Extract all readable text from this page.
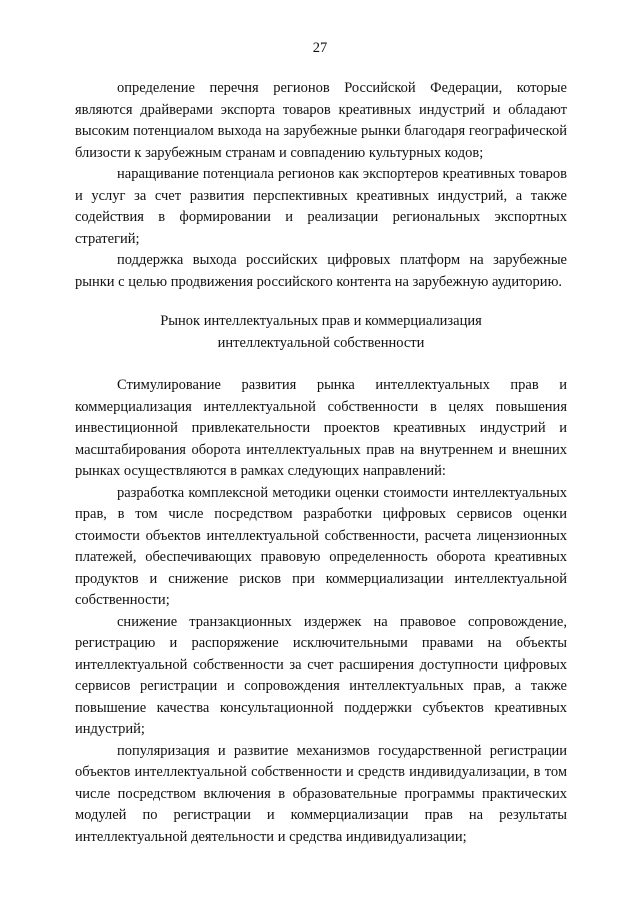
27

определение перечня регионов Российской Федерации, которые являются драйверами экспорта товаров креативных индустрий и обладают высоким потенциалом выхода на зарубежные рынки благодаря географической близости к зарубежным странам и совпадению культурных кодов;

наращивание потенциала регионов как экспортеров креативных товаров и услуг за счет развития перспективных креативных индустрий, а также содействия в формировании и реализации региональных экспортных стратегий;

поддержка выхода российских цифровых платформ на зарубежные рынки с целью продвижения российского контента на зарубежную аудиторию.

Рынок интеллектуальных прав и коммерциализация
интеллектуальной собственности

Стимулирование развития рынка интеллектуальных прав и коммерциализация интеллектуальной собственности в целях повышения инвестиционной привлекательности проектов креативных индустрий и масштабирования оборота интеллектуальных прав на внутреннем и внешних рынках осуществляются в рамках следующих направлений:

разработка комплексной методики оценки стоимости интеллектуальных прав, в том числе посредством разработки цифровых сервисов оценки стоимости объектов интеллектуальной собственности, расчета лицензионных платежей, обеспечивающих правовую определенность оборота креативных продуктов и снижение рисков при коммерциализации интеллектуальной собственности;

снижение транзакционных издержек на правовое сопровождение, регистрацию и распоряжение исключительными правами на объекты интеллектуальной собственности за счет расширения доступности цифровых сервисов регистрации и сопровождения интеллектуальных прав, а также повышение качества консультационной поддержки субъектов креативных индустрий;

популяризация и развитие механизмов государственной регистрации объектов интеллектуальной собственности и средств индивидуализации, в том числе посредством включения в образовательные программы практических модулей по регистрации и коммерциализации прав на результаты интеллектуальной деятельности и средства индивидуализации;
